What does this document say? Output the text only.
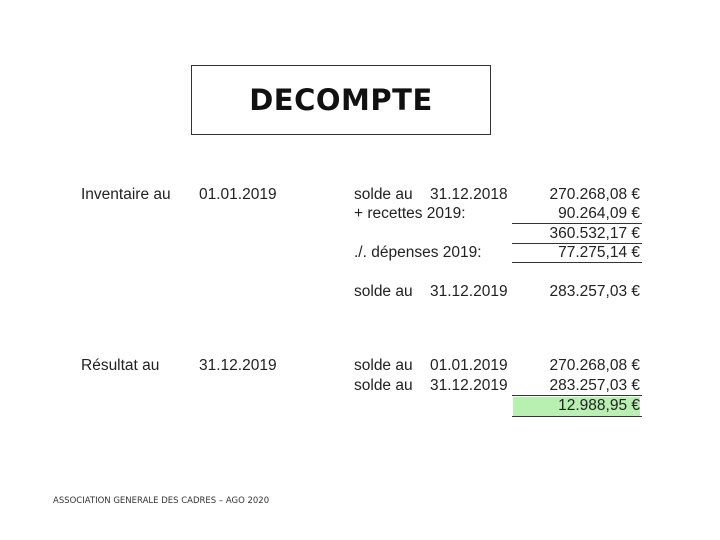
DECOMPTE
Inventaire au 01.01.2019	solde au 31.12.2018	270.268,08 €
+ recettes 2019:	90.264,09 €
360.532,17 €
./. dépenses 2019:	77.275,14 €
solde au 31.12.2019	283.257,03 €
Résultat au	31.12.2019	solde au 01.01.2019	270.268,08 €
solde au 31.12.2019	283.257,03 €
12.988,95 €
ASSOCIATION GENERALE DES CADRES – AGO 2020
